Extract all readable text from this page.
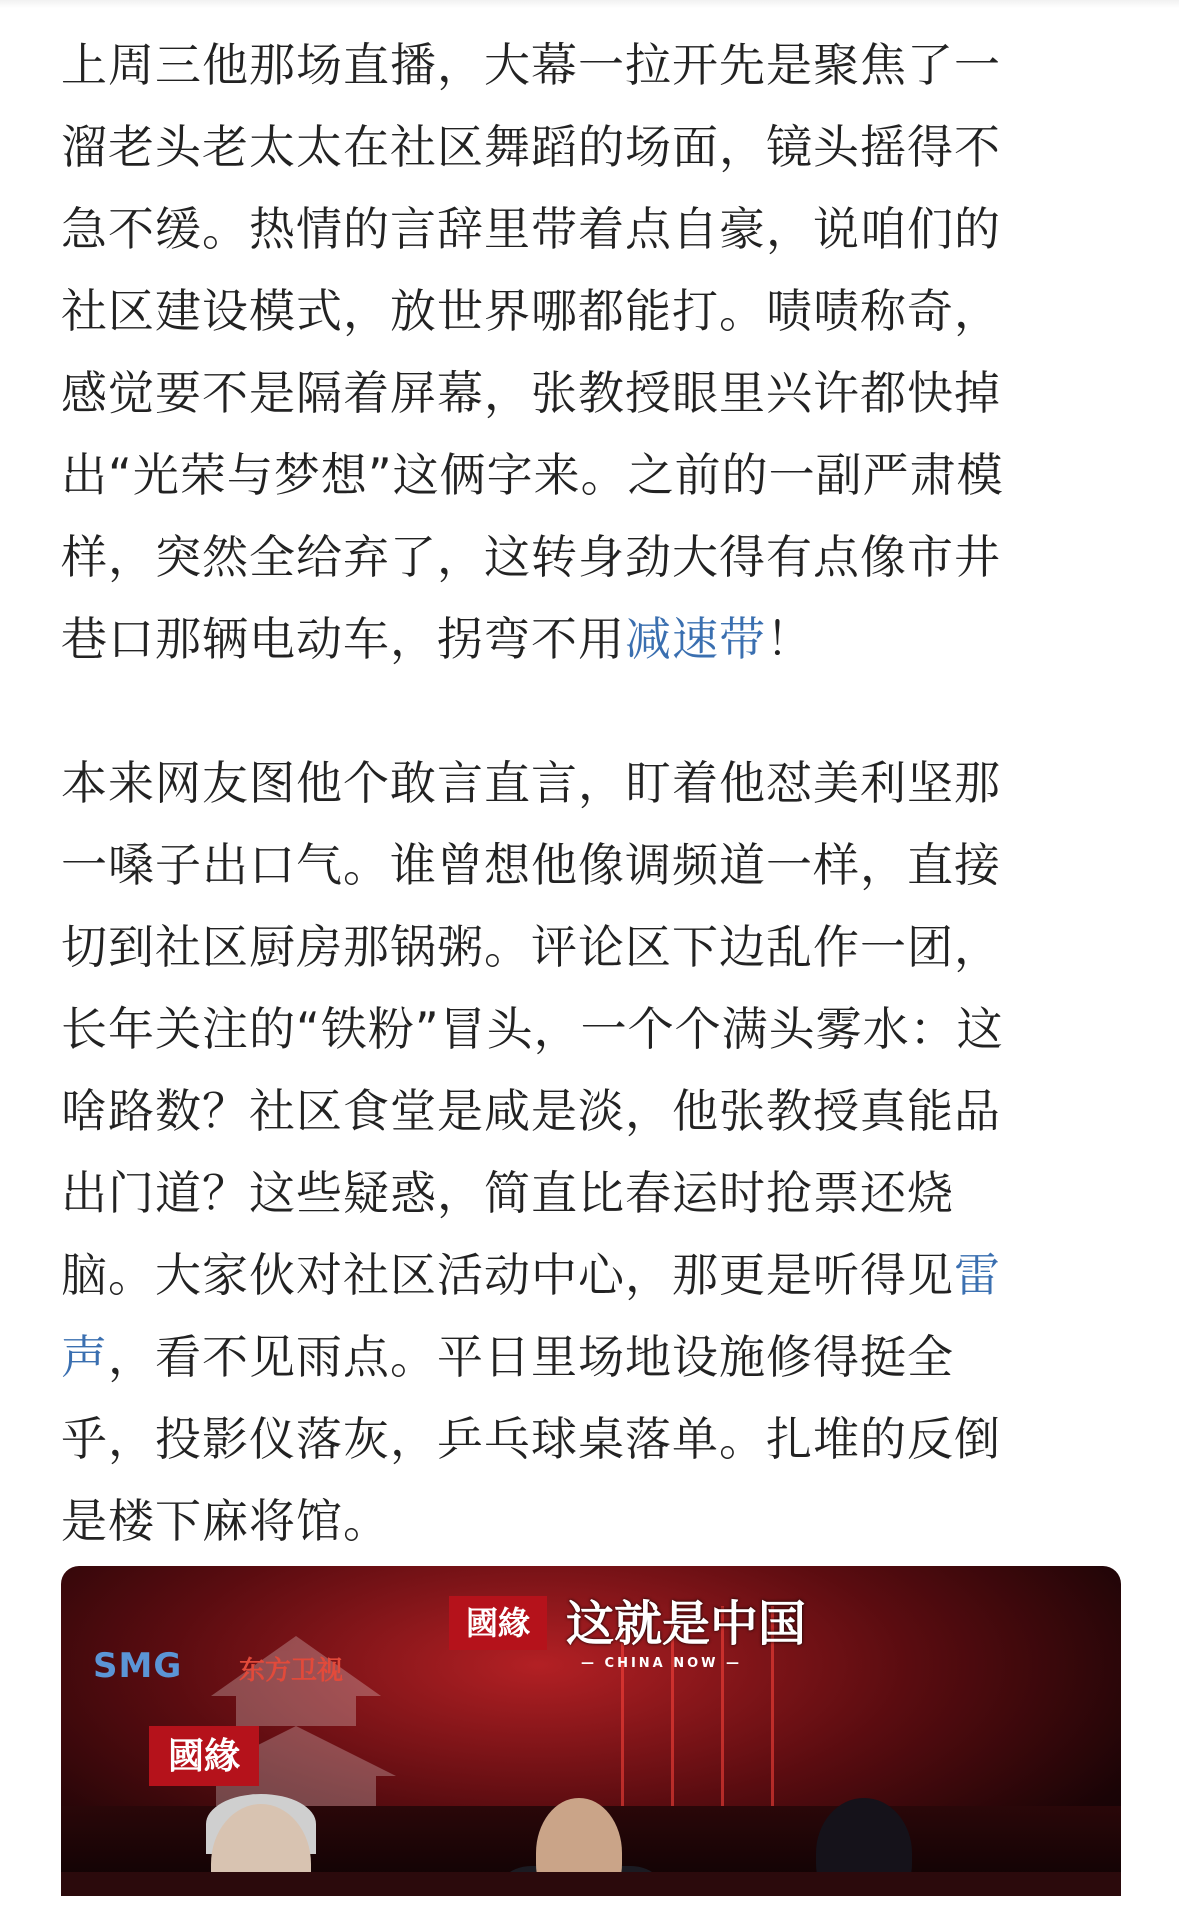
上周三他那场直播，大幕一拉开先是聚焦了一
溜老头老太太在社区舞蹈的场面，镜头摇得不
急不缓。热情的言辞里带着点自豪，说咱们的
社区建设模式，放世界哪都能打。啧啧称奇，
感觉要不是隔着屏幕，张教授眼里兴许都快掉
出“光荣与梦想”这俩字来。之前的一副严肃模
样，突然全给弃了，这转身劲大得有点像市井
巷口那辆电动车，拐弯不用减速带！

本来网友图他个敢言直言，盯着他怼美利坚那
一嗓子出口气。谁曾想他像调频道一样，直接
切到社区厨房那锅粥。评论区下边乱作一团，
长年关注的“铁粉”冒头，一个个满头雾水：这
啥路数？社区食堂是咸是淡，他张教授真能品
出门道？这些疑惑，简直比春运时抢票还烧
脑。大家伙对社区活动中心，那更是听得见雷
声，看不见雨点。平日里场地设施修得挺全
乎，投影仪落灰，乒乓球桌落单。扎堆的反倒
是楼下麻将馆。

SMG 东方卫视
國緣
國緣 这就是中国
— CHINA NOW —
